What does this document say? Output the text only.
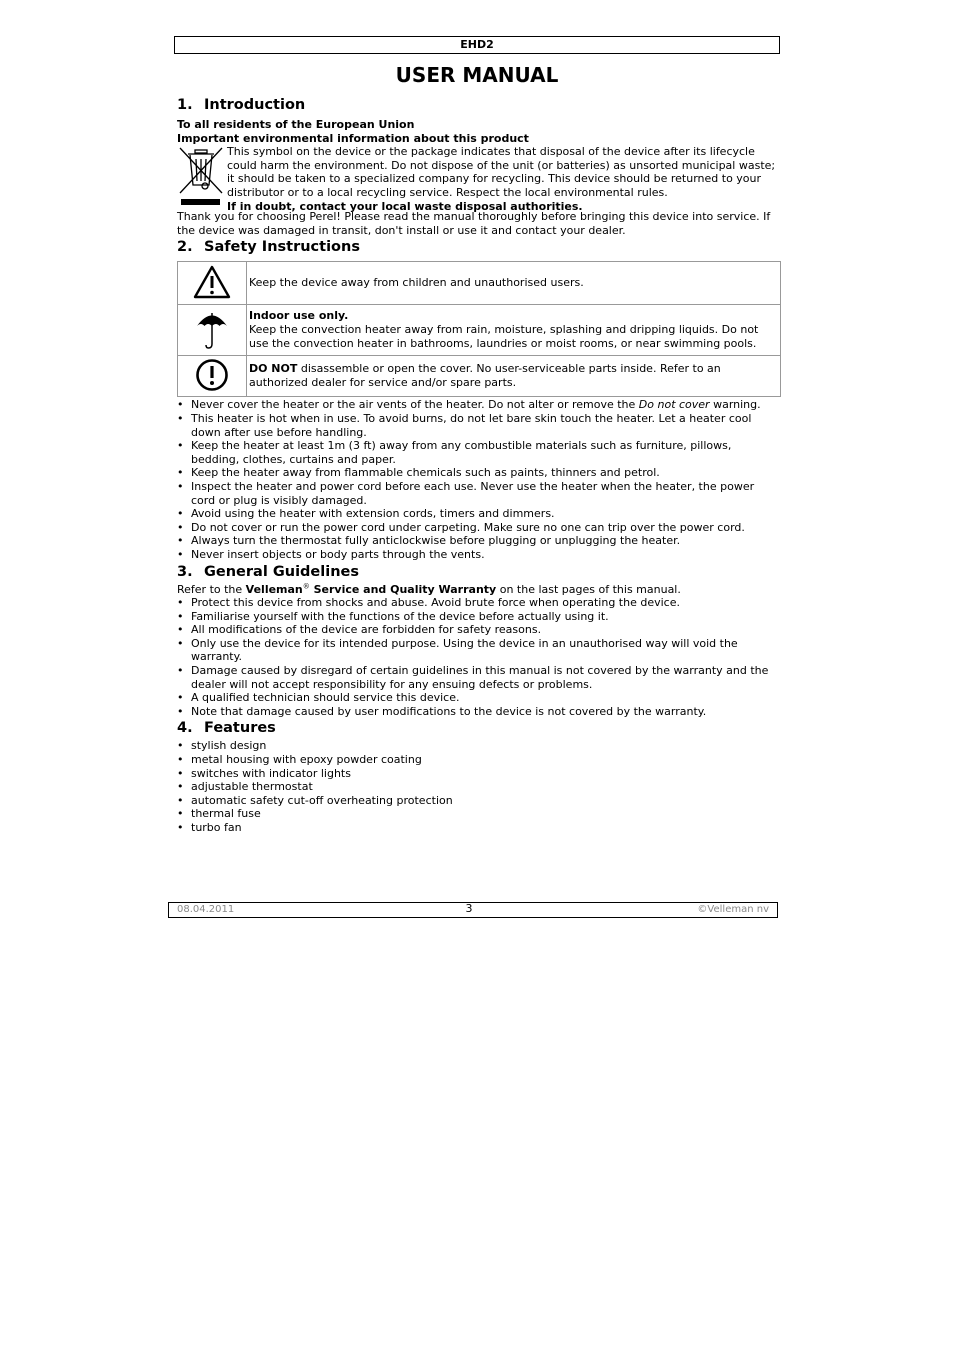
EHD2
USER MANUAL
1. Introduction

To all residents of the European Union

Important environmental information about this product

This symbol on the device or the package indicates that disposal of the device after its lifecycle could harm the environment. Do not dispose of the unit (or batteries) as unsorted municipal waste; it should be taken to a specialized company for recycling. This device should be returned to your distributor or to a local recycling service. Respect the local environmental rules.

If in doubt, contact your local waste disposal authorities.

Thank you for choosing Perel! Please read the manual thoroughly before bringing this device into service. If the device was damaged in transit, don't install or use it and contact your dealer.

2. Safety Instructions
	Keep the device away from children and unauthorised users.
	Indoor use only.
Keep the convection heater away from rain, moisture, splashing and dripping liquids. Do not use the convection heater in bathrooms, laundries or moist rooms, or near swimming pools.
	DO NOT disassemble or open the cover. No user-serviceable parts inside. Refer to an authorized dealer for service and/or spare parts.
• Never cover the heater or the air vents of the heater. Do not alter or remove the Do not cover warning.
• This heater is hot when in use. To avoid burns, do not let bare skin touch the heater. Let a heater cool down after use before handling.
• Keep the heater at least 1m (3 ft) away from any combustible materials such as furniture, pillows, bedding, clothes, curtains and paper.
• Keep the heater away from flammable chemicals such as paints, thinners and petrol.
• Inspect the heater and power cord before each use. Never use the heater when the heater, the power cord or plug is visibly damaged.
• Avoid using the heater with extension cords, timers and dimmers.
• Do not cover or run the power cord under carpeting. Make sure no one can trip over the power cord.
• Always turn the thermostat fully anticlockwise before plugging or unplugging the heater.
• Never insert objects or body parts through the vents.
3. General Guidelines

Refer to the Velleman® Service and Quality Warranty on the last pages of this manual.

• Protect this device from shocks and abuse. Avoid brute force when operating the device.
• Familiarise yourself with the functions of the device before actually using it.
• All modifications of the device are forbidden for safety reasons.
• Only use the device for its intended purpose. Using the device in an unauthorised way will void the warranty.
• Damage caused by disregard of certain guidelines in this manual is not covered by the warranty and the dealer will not accept responsibility for any ensuing defects or problems.
• A qualified technician should service this device.
• Note that damage caused by user modifications to the device is not covered by the warranty.
4. Features
• stylish design
• metal housing with epoxy powder coating
• switches with indicator lights
• adjustable thermostat
• automatic safety cut-off overheating protection
• thermal fuse
• turbo fan
08.04.2011	3	©Velleman nv
